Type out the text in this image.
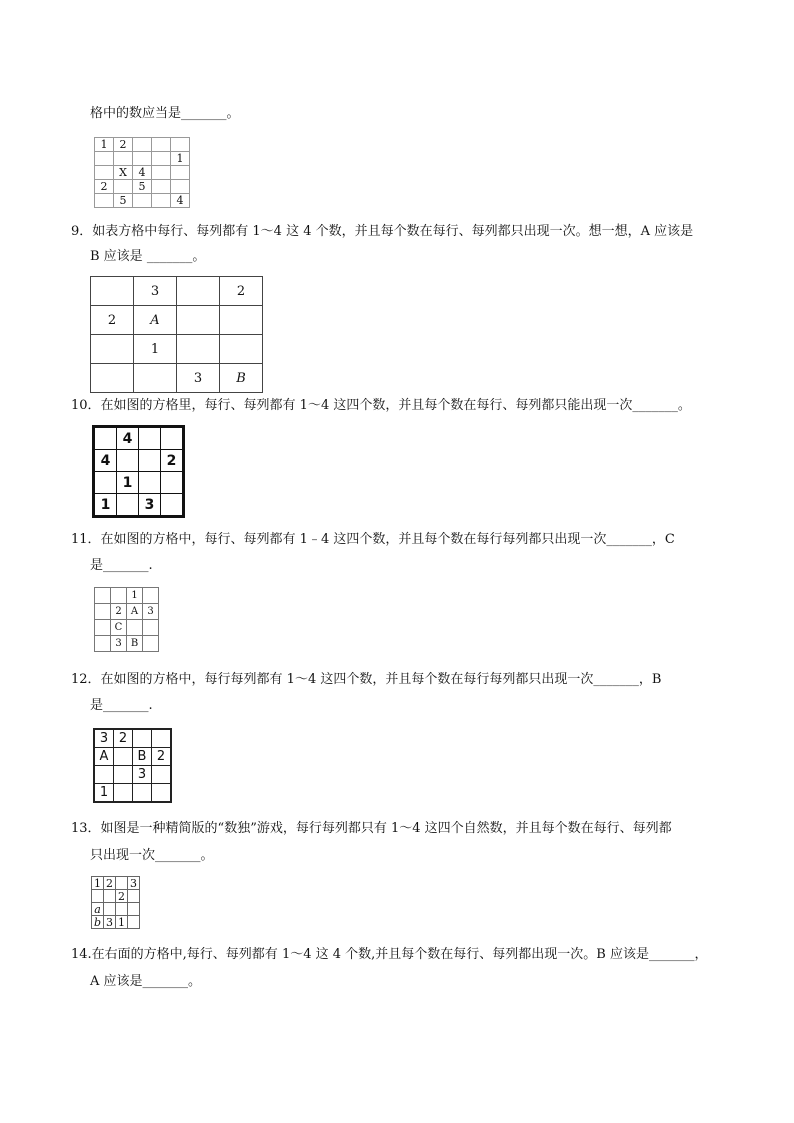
格中的数应当是_______。
1	2			
				1
	X	4		
2		5		
	5			4
9．如表方格中每行、每列都有 1～4 这 4 个数，并且每个数在每行、每列都只出现一次。想一想，A 应该是
B 应该是 _______。
	3		2
2	A		
	1		
		3	B
10．在如图的方格里，每行、每列都有 1～4 这四个数，并且每个数在每行、每列都只能出现一次_______。
	4		
4			2
	1		
1		3	
11．在如图的方格中，每行、每列都有 1﹣4 这四个数，并且每个数在每行每列都只出现一次_______，C
是_______.
		1	
	2	A	3
	C		
	3	B	
12．在如图的方格中，每行每列都有 1～4 这四个数，并且每个数在每行每列都只出现一次_______，B
是_______.
3	2		
A		B	2
		3	
1			
13．如图是一种精简版的“数独”游戏，每行每列都只有 1～4 这四个自然数，并且每个数在每行、每列都
只出现一次_______。
1	2		3
		2	
a			
b	3	1	
14.在右面的方格中,每行、每列都有 1～4 这 4 个数,并且每个数在每行、每列都出现一次。B 应该是_______，
A 应该是_______。
